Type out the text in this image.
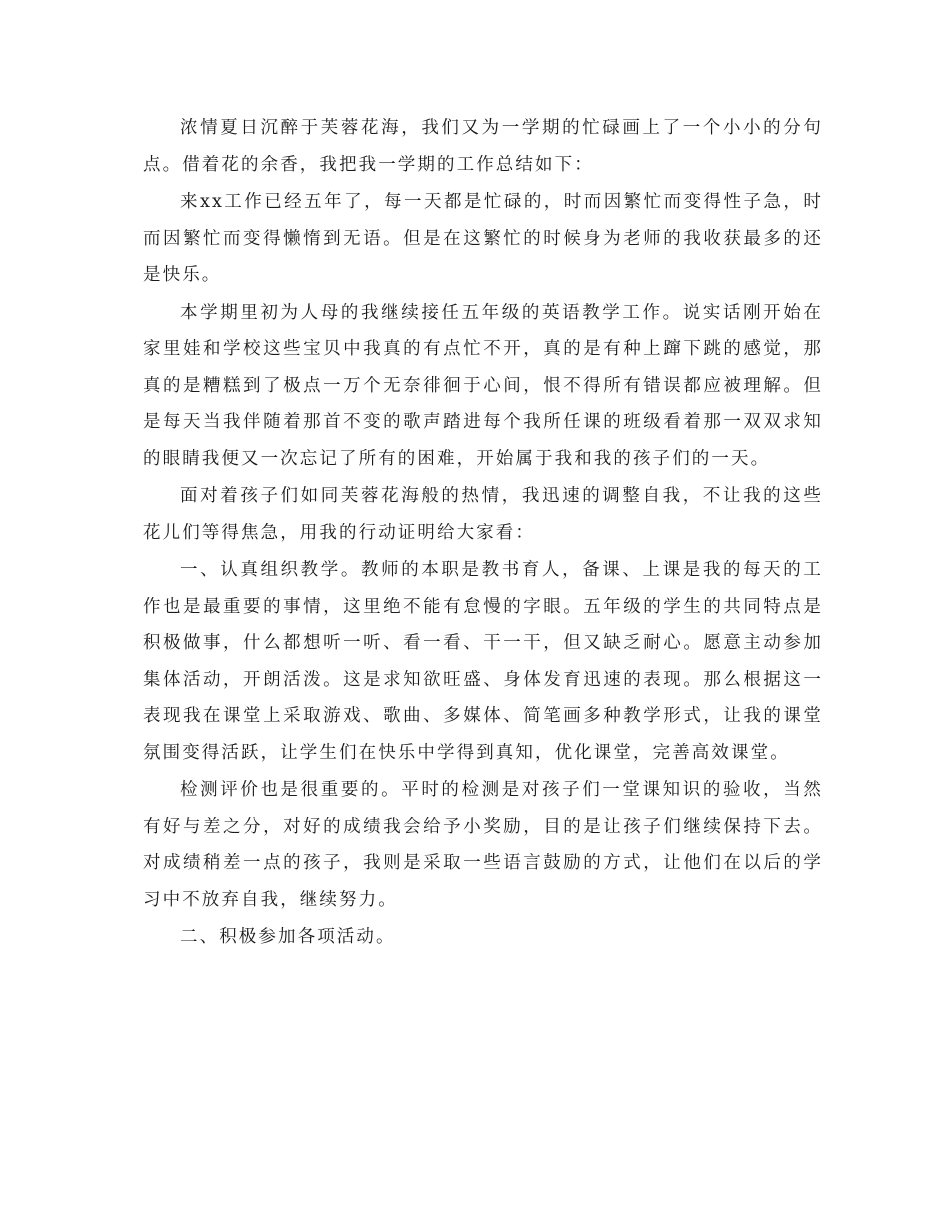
浓情夏日沉醉于芙蓉花海，我们又为一学期的忙碌画上了一个小小的分句点。借着花的余香，我把我一学期的工作总结如下：

来xx工作已经五年了，每一天都是忙碌的，时而因繁忙而变得性子急，时而因繁忙而变得懒惰到无语。但是在这繁忙的时候身为老师的我收获最多的还是快乐。

本学期里初为人母的我继续接任五年级的英语教学工作。说实话刚开始在家里娃和学校这些宝贝中我真的有点忙不开，真的是有种上蹿下跳的感觉，那真的是糟糕到了极点一万个无奈徘徊于心间，恨不得所有错误都应被理解。但是每天当我伴随着那首不变的歌声踏进每个我所任课的班级看着那一双双求知的眼睛我便又一次忘记了所有的困难，开始属于我和我的孩子们的一天。

面对着孩子们如同芙蓉花海般的热情，我迅速的调整自我，不让我的这些花儿们等得焦急，用我的行动证明给大家看：

一、认真组织教学。教师的本职是教书育人，备课、上课是我的每天的工作也是最重要的事情，这里绝不能有怠慢的字眼。五年级的学生的共同特点是积极做事，什么都想听一听、看一看、干一干，但又缺乏耐心。愿意主动参加集体活动，开朗活泼。这是求知欲旺盛、身体发育迅速的表现。那么根据这一表现我在课堂上采取游戏、歌曲、多媒体、简笔画多种教学形式，让我的课堂氛围变得活跃，让学生们在快乐中学得到真知，优化课堂，完善高效课堂。

检测评价也是很重要的。平时的检测是对孩子们一堂课知识的验收，当然有好与差之分，对好的成绩我会给予小奖励，目的是让孩子们继续保持下去。对成绩稍差一点的孩子，我则是采取一些语言鼓励的方式，让他们在以后的学习中不放弃自我，继续努力。

二、积极参加各项活动。
